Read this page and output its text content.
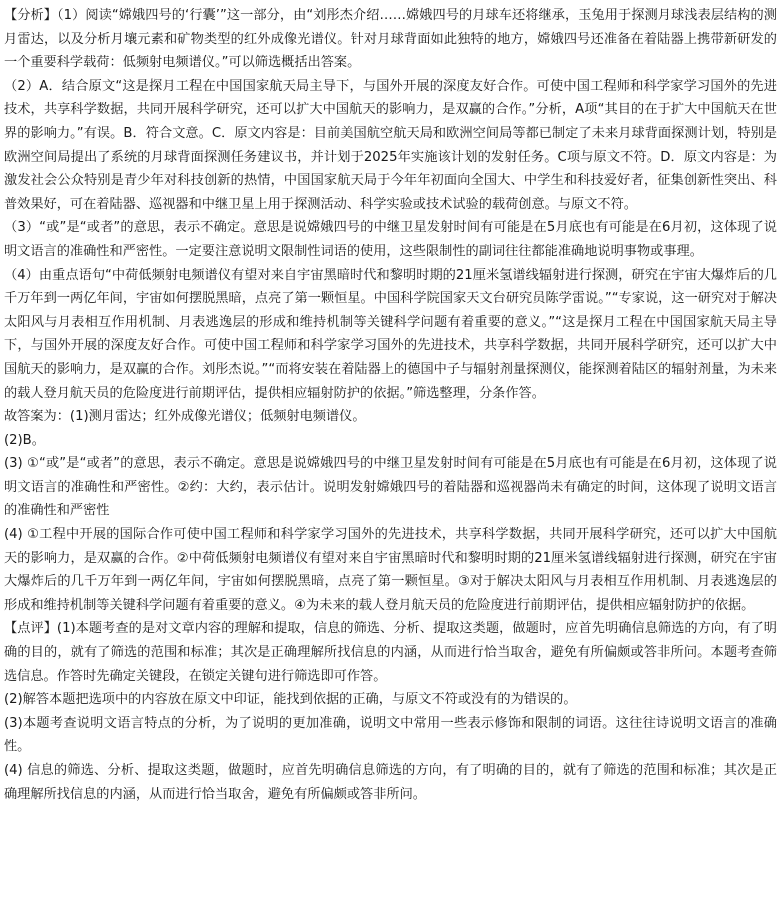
【分析】（1）阅读“嫦娥四号的‘行囊’”这一部分，由“刘彤杰介绍……嫦娥四号的月球车还将继承，玉兔用于探测月球浅表层结构的测月雷达，以及分析月壤元素和矿物类型的红外成像光谱仪。针对月球背面如此独特的地方，嫦娥四号还准备在着陆器上携带新研发的一个重要科学载荷：低频射电频谱仪。”可以筛选概括出答案。

（2）A．结合原文“这是探月工程在中国国家航天局主导下，与国外开展的深度友好合作。可使中国工程师和科学家学习国外的先进技术，共享科学数据，共同开展科学研究，还可以扩大中国航天的影响力，是双赢的合作。”分析，A项“其目的在于扩大中国航天在世界的影响力。”有误。B．符合文意。C．原文内容是：目前美国航空航天局和欧洲空间局等都已制定了未来月球背面探测计划，特别是欧洲空间局提出了系统的月球背面探测任务建议书，并计划于2025年实施该计划的发射任务。C项与原文不符。D．原文内容是：为激发社会公众特别是青少年对科技创新的热情，中国国家航天局于今年年初面向全国大、中学生和科技爱好者，征集创新性突出、科普效果好，可在着陆器、巡视器和中继卫星上用于探测活动、科学实验或技术试验的载荷创意。与原文不符。

（3）“或”是“或者”的意思，表示不确定。意思是说嫦娥四号的中继卫星发射时间有可能是在5月底也有可能是在6月初，这体现了说明文语言的准确性和严密性。一定要注意说明文限制性词语的使用，这些限制性的副词往往都能准确地说明事物或事理。

（4）由重点语句“中荷低频射电频谱仪有望对来自宇宙黑暗时代和黎明时期的21厘米氢谱线辐射进行探测，研究在宇宙大爆炸后的几千万年到一两亿年间，宇宙如何摆脱黑暗，点亮了第一颗恒星。中国科学院国家天文台研究员陈学雷说。”“专家说，这一研究对于解决太阳风与月表相互作用机制、月表逃逸层的形成和维持机制等关键科学问题有着重要的意义。”“这是探月工程在中国国家航天局主导下，与国外开展的深度友好合作。可使中国工程师和科学家学习国外的先进技术，共享科学数据，共同开展科学研究，还可以扩大中国航天的影响力，是双赢的合作。刘彤杰说。”“而将安装在着陆器上的德国中子与辐射剂量探测仪，能探测着陆区的辐射剂量，为未来的载人登月航天员的危险度进行前期评估，提供相应辐射防护的依据。”筛选整理，分条作答。

故答案为：(1)测月雷达；红外成像光谱仪；低频射电频谱仪。

(2)B。

(3) ①“或”是“或者”的意思，表示不确定。意思是说嫦娥四号的中继卫星发射时间有可能是在5月底也有可能是在6月初，这体现了说明文语言的准确性和严密性。②约：大约，表示估计。说明发射嫦娥四号的着陆器和巡视器尚未有确定的时间，这体现了说明文语言的准确性和严密性

(4) ①工程中开展的国际合作可使中国工程师和科学家学习国外的先进技术，共享科学数据，共同开展科学研究，还可以扩大中国航天的影响力，是双赢的合作。②中荷低频射电频谱仪有望对来自宇宙黑暗时代和黎明时期的21厘米氢谱线辐射进行探测，研究在宇宙大爆炸后的几千万年到一两亿年间，宇宙如何摆脱黑暗，点亮了第一颗恒星。③对于解决太阳风与月表相互作用机制、月表逃逸层的形成和维持机制等关键科学问题有着重要的意义。④为未来的载人登月航天员的危险度进行前期评估，提供相应辐射防护的依据。

【点评】(1)本题考查的是对文章内容的理解和提取，信息的筛选、分析、提取这类题，做题时，应首先明确信息筛选的方向，有了明确的目的，就有了筛选的范围和标准；其次是正确理解所找信息的内涵，从而进行恰当取舍，避免有所偏颇或答非所问。本题考查筛选信息。作答时先确定关键段，在锁定关键句进行筛选即可作答。

(2)解答本题把选项中的内容放在原文中印证，能找到依据的正确，与原文不符或没有的为错误的。

(3)本题考查说明文语言特点的分析，为了说明的更加准确，说明文中常用一些表示修饰和限制的词语。这往往诗说明文语言的准确性。

(4) 信息的筛选、分析、提取这类题，做题时，应首先明确信息筛选的方向，有了明确的目的，就有了筛选的范围和标准；其次是正确理解所找信息的内涵，从而进行恰当取舍，避免有所偏颇或答非所问。
